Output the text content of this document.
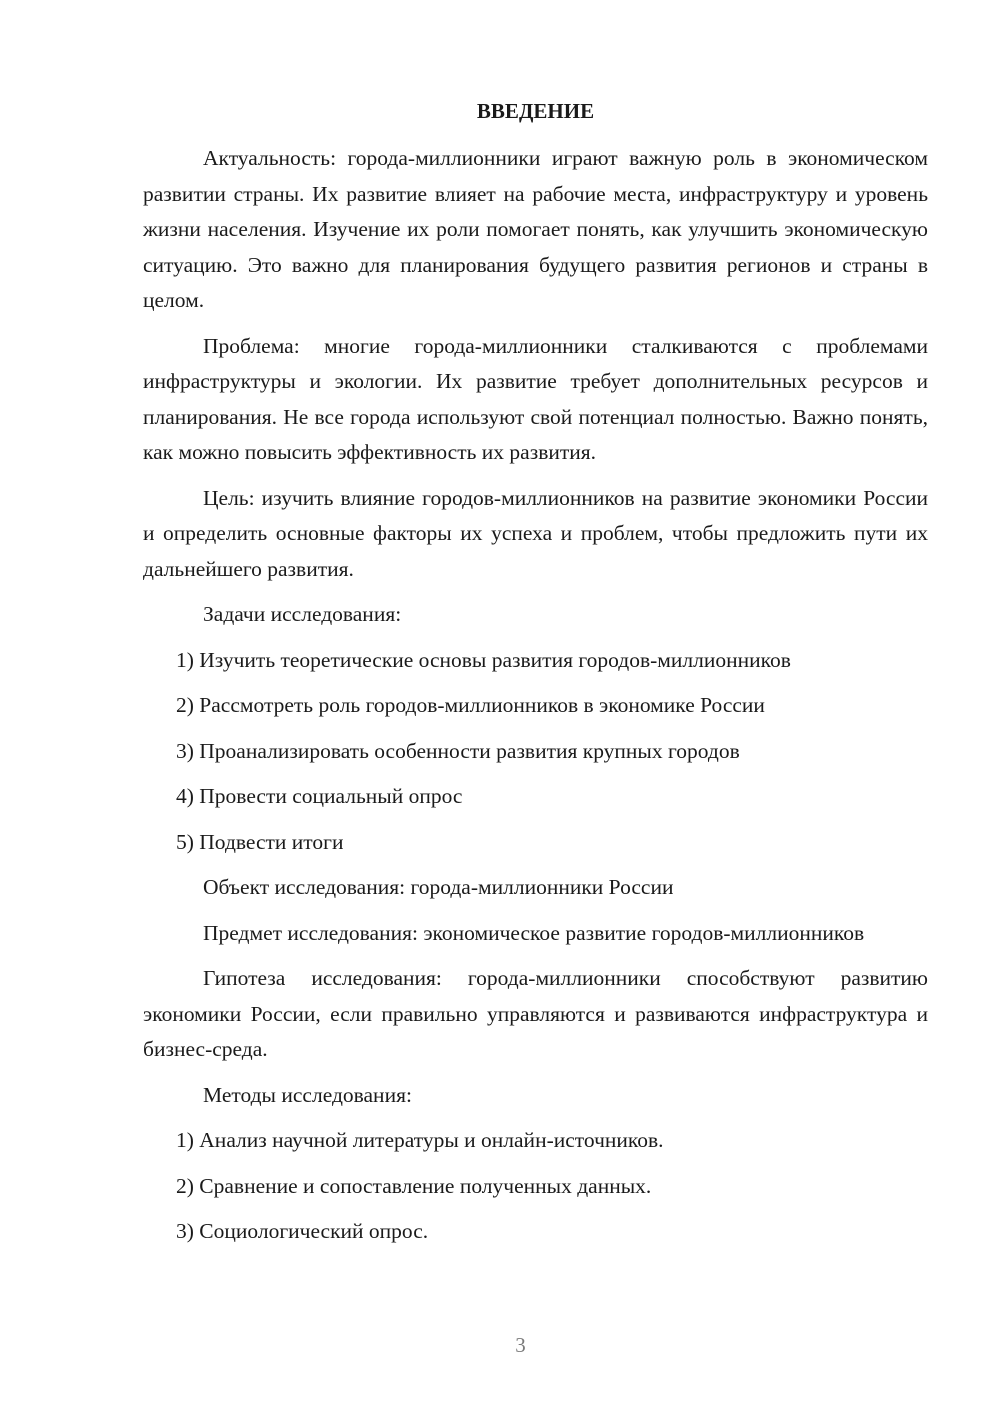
ВВЕДЕНИЕ

Актуальность: города-миллионники играют важную роль в экономическом развитии страны. Их развитие влияет на рабочие места, инфраструктуру и уровень жизни населения. Изучение их роли помогает понять, как улучшить экономическую ситуацию. Это важно для планирования будущего развития регионов и страны в целом.

Проблема: многие города-миллионники сталкиваются с проблемами инфраструктуры и экологии. Их развитие требует дополнительных ресурсов и планирования. Не все города используют свой потенциал полностью. Важно понять, как можно повысить эффективность их развития.

Цель: изучить влияние городов-миллионников на развитие экономики России и определить основные факторы их успеха и проблем, чтобы предложить пути их дальнейшего развития.

Задачи исследования:

1) Изучить теоретические основы развития городов-миллионников

2) Рассмотреть роль городов-миллионников в экономике России

3) Проанализировать особенности развития крупных городов

4) Провести социальный опрос

5) Подвести итоги

Объект исследования: города-миллионники России

Предмет исследования: экономическое развитие городов-миллионников

Гипотеза исследования: города-миллионники способствуют развитию экономики России, если правильно управляются и развиваются инфраструктура и бизнес-среда.

Методы исследования:

1) Анализ научной литературы и онлайн-источников.

2) Сравнение и сопоставление полученных данных.

3) Социологический опрос.

3
